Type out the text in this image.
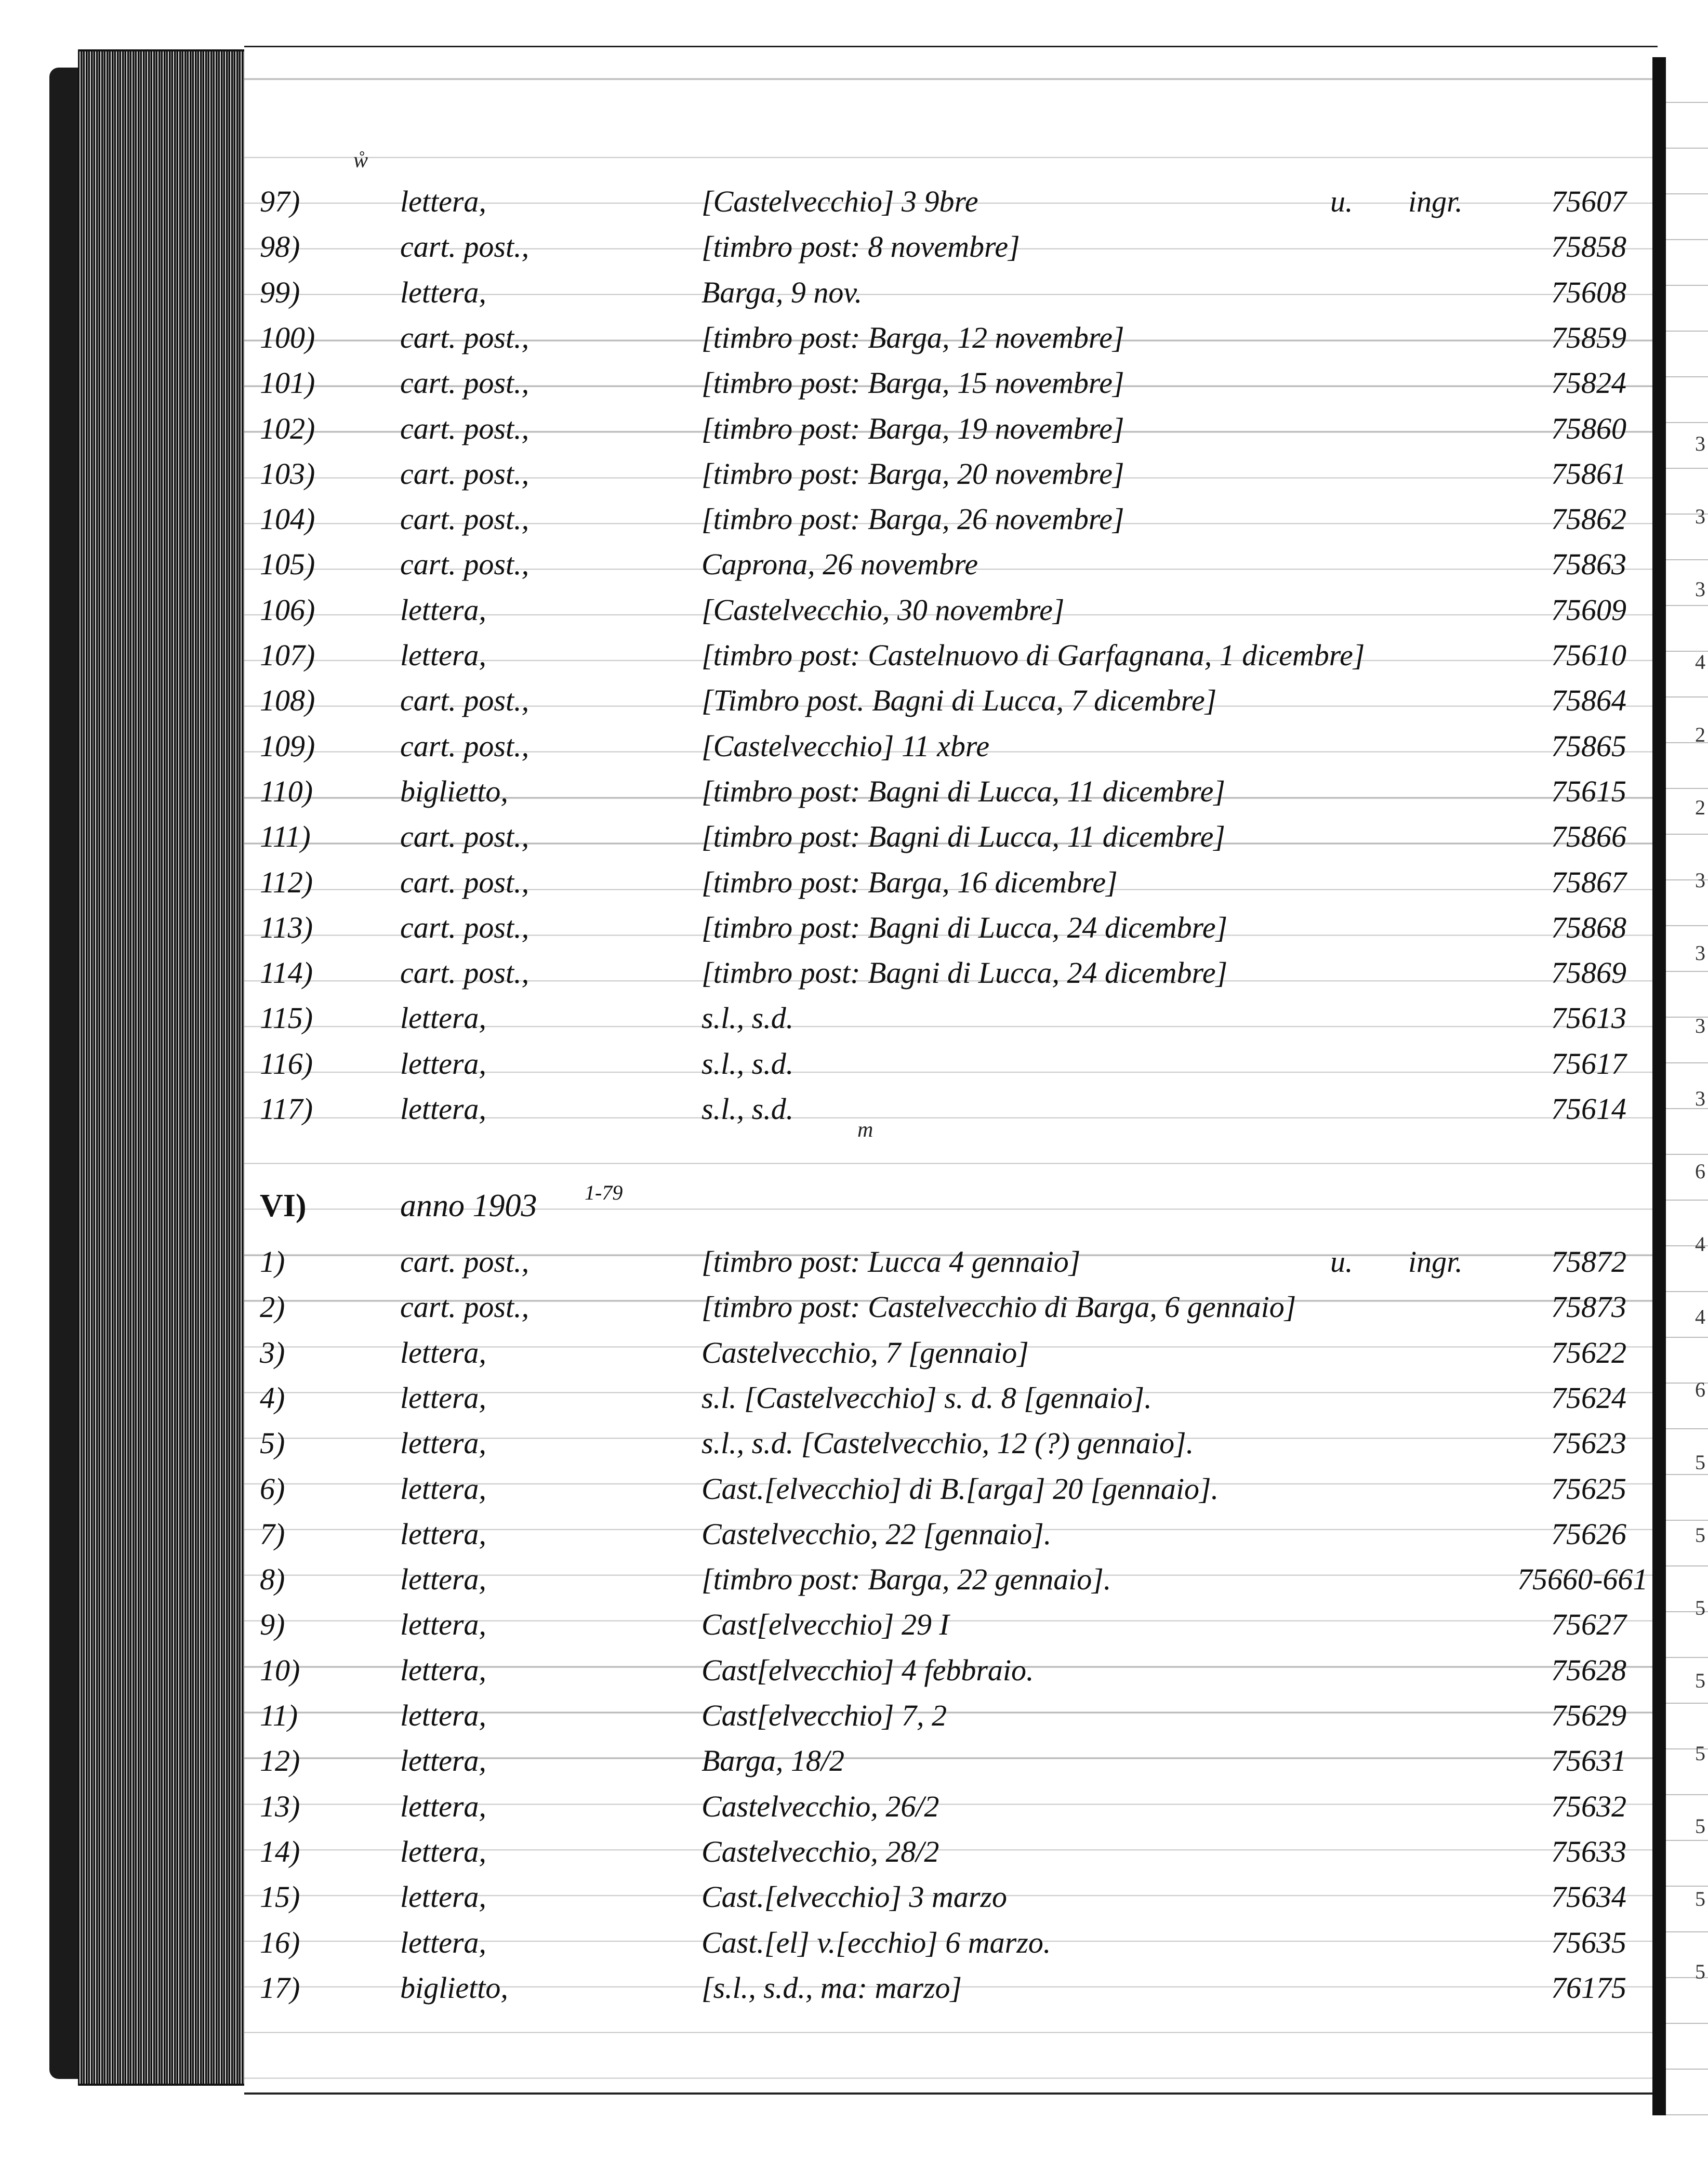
ẘ
97)	lettera,	[Castelvecchio] 3 9bre	u. ingr.	75607
98)	cart. post.,	[timbro post: 8 novembre]	75858
99)	lettera,	Barga, 9 nov.	75608
100)	cart. post.,	[timbro post: Barga, 12 novembre]	75859
101)	cart. post.,	[timbro post: Barga, 15 novembre]	75824
102)	cart. post.,	[timbro post: Barga, 19 novembre]	75860
103)	cart. post.,	[timbro post: Barga, 20 novembre]	75861
104)	cart. post.,	[timbro post: Barga, 26 novembre]	75862
105)	cart. post.,	Caprona, 26 novembre	75863
106)	lettera,	[Castelvecchio, 30 novembre]	75609
107)	lettera,	[timbro post: Castelnuovo di Garfagnana, 1 dicembre]	75610
108)	cart. post.,	[Timbro post. Bagni di Lucca, 7 dicembre]	75864
109)	cart. post.,	[Castelvecchio] 11 xbre	75865
110)	biglietto,	[timbro post: Bagni di Lucca, 11 dicembre]	75615
111)	cart. post.,	[timbro post: Bagni di Lucca, 11 dicembre]	75866
112)	cart. post.,	[timbro post: Barga, 16 dicembre]	75867
113)	cart. post.,	[timbro post: Bagni di Lucca, 24 dicembre]	75868
114)	cart. post.,	[timbro post: Bagni di Lucca, 24 dicembre]	75869
115)	lettera,	s.l., s.d.	75613
116)	lettera,	s.l., s.d.	75617
117)	lettera,	s.l., s.d.	75614
VI)	anno 1903 1-79
1)	cart. post.,	[timbro post: Lucca 4 gennaio]	u. ingr.	75872
2)	cart. post.,	[timbro post: Castelvecchio di Barga, 6 gennaio]	75873
3)	lettera,	Castelvecchio, 7 [gennaio]	75622
4)	lettera,	s.l. [Castelvecchio] s. d. 8 [gennaio].	75624
5)	lettera,	s.l., s.d. [Castelvecchio, 12 (?) gennaio].	75623
6)	lettera,	Cast.[elvecchio] di B.[arga] 20 [gennaio].	75625
7)	lettera,	Castelvecchio, 22 [gennaio].	75626
8)	lettera,	[timbro post: Barga, 22 gennaio].	75660-661
9)	lettera,	Cast[elvecchio] 29 I	75627
10)	lettera,	Cast[elvecchio] 4 febbraio.	75628
11)	lettera,	Cast[elvecchio] 7, 2	75629
12)	lettera,	Barga, 18/2	75631
13)	lettera,	Castelvecchio, 26/2	75632
14)	lettera,	Castelvecchio, 28/2	75633
15)	lettera,	Cast.[elvecchio] 3 marzo	75634
16)	lettera,	Cast.[el] v.[ecchio] 6 marzo.	75635
17)	biglietto,	[s.l., s.d., ma: marzo]	76175
3
3
3
4
2
2
3
3
3
3
6
4
4
6
5
5
5
5
5
5
5
5
m
